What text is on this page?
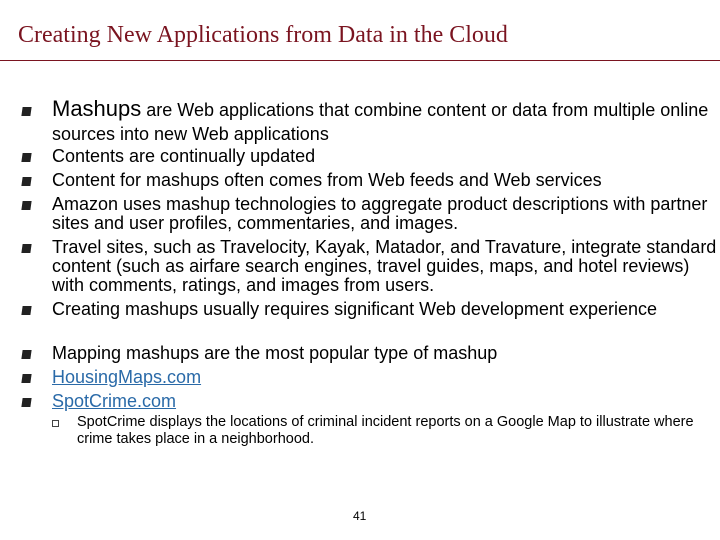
Creating New Applications from Data in the Cloud
Mashups are Web applications that combine content or data from multiple online sources into new Web applications
Contents are continually updated
Content for mashups often comes from Web feeds and Web services
Amazon uses mashup technologies to aggregate product descriptions with partner sites and user profiles, commentaries, and images.
Travel sites, such as Travelocity, Kayak, Matador, and Travature, integrate standard content (such as airfare search engines, travel guides, maps, and hotel reviews) with comments, ratings, and images from users.
Creating mashups usually requires significant Web development experience
Mapping mashups are the most popular type of mashup
HousingMaps.com
SpotCrime.com
SpotCrime displays the locations of criminal incident reports on a Google Map to illustrate where crime takes place in a neighborhood.
41
